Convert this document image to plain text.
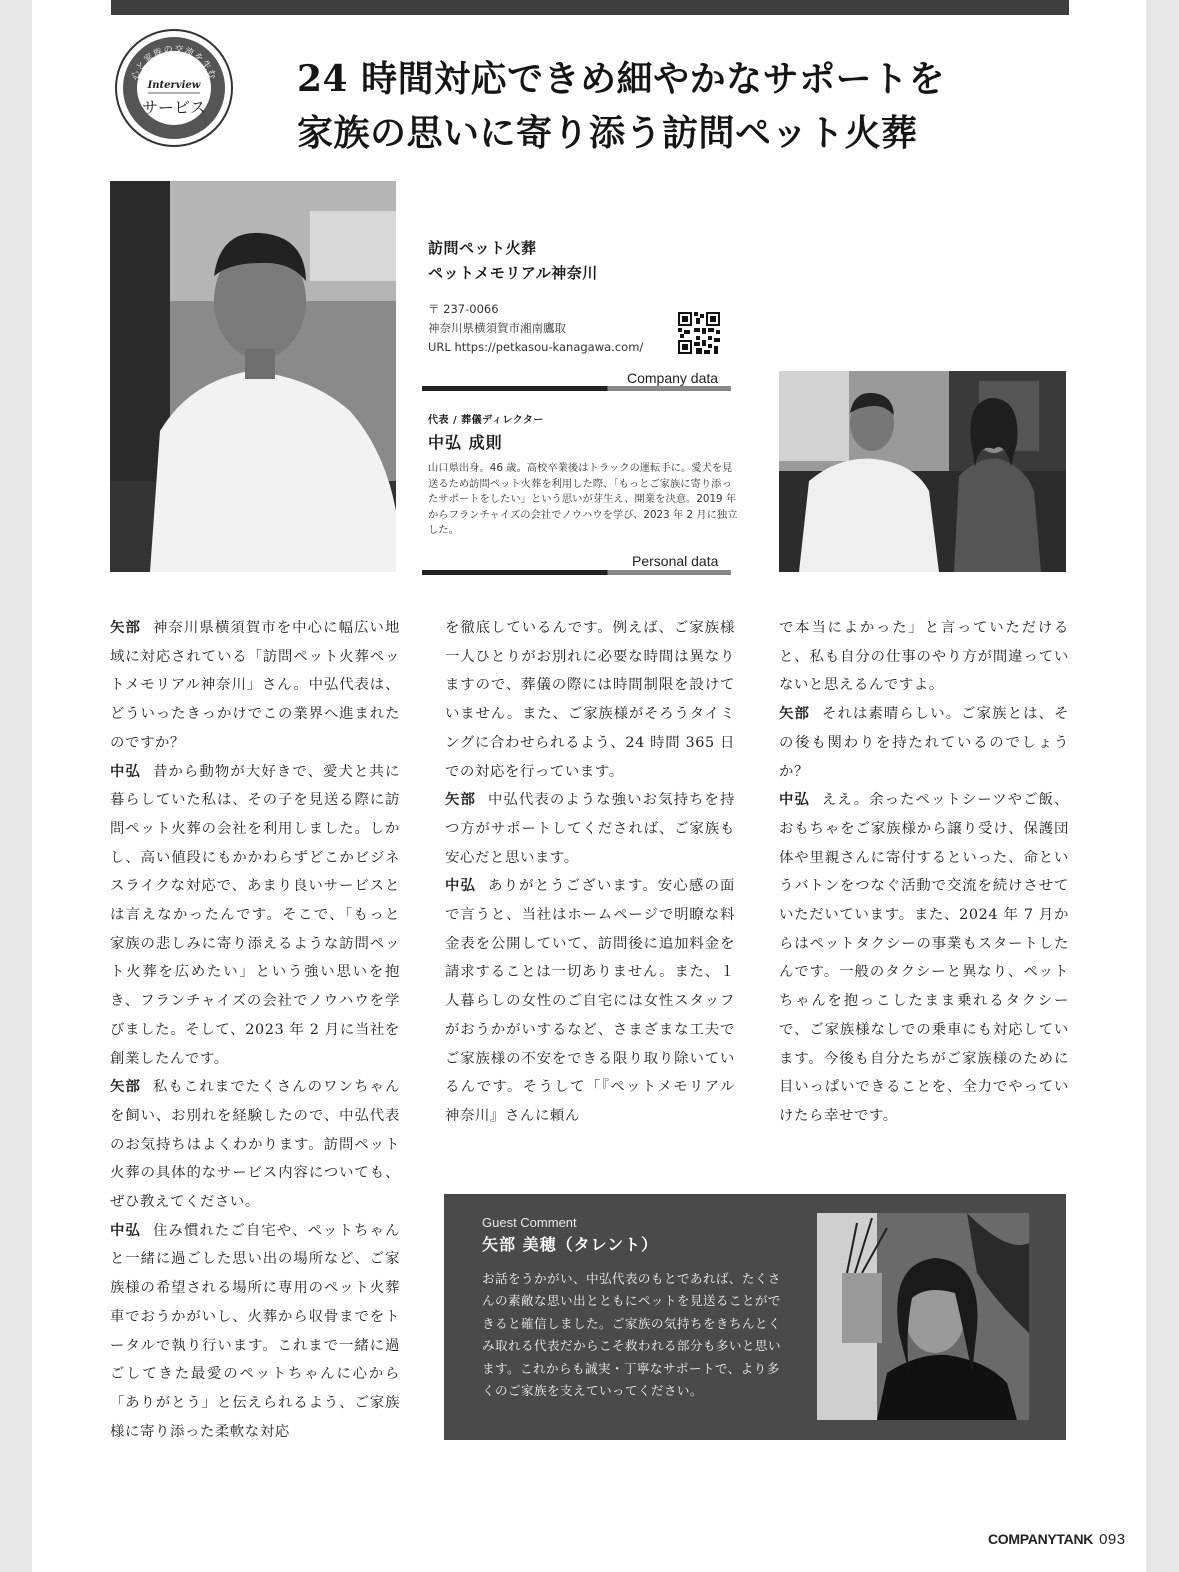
心と家族の交流を生む
Interview
サービス
24 時間対応できめ細やかなサポートを
家族の思いに寄り添う訪問ペット火葬
訪問ペット火葬
ペットメモリアル神奈川
〒 237-0066
神奈川県横須賀市湘南鷹取
URL https://petkasou-kanagawa.com/
Company data
代表 / 葬儀ディレクター
中弘 成則
山口県出身。46 歳。高校卒業後はトラックの運転手に。愛犬を見送るため訪問ペット火葬を利用した際、「もっとご家族に寄り添ったサポートをしたい」という思いが芽生え、開業を決意。2019 年からフランチャイズの会社でノウハウを学び、2023 年 2 月に独立した。
Personal data

矢部 神奈川県横須賀市を中心に幅広い地域に対応されている「訪問ペット火葬ペットメモリアル神奈川」さん。中弘代表は、どういったきっかけでこの業界へ進まれたのですか？

中弘 昔から動物が大好きで、愛犬と共に暮らしていた私は、その子を見送る際に訪問ペット火葬の会社を利用しました。しかし、高い値段にもかかわらずどこかビジネスライクな対応で、あまり良いサービスとは言えなかったんです。そこで、「もっと家族の悲しみに寄り添えるような訪問ペット火葬を広めたい」という強い思いを抱き、フランチャイズの会社でノウハウを学びました。そして、2023 年 2 月に当社を創業したんです。

矢部 私もこれまでたくさんのワンちゃんを飼い、お別れを経験したので、中弘代表のお気持ちはよくわかります。訪問ペット火葬の具体的なサービス内容についても、ぜひ教えてください。

中弘 住み慣れたご自宅や、ペットちゃんと一緒に過ごした思い出の場所など、ご家族様の希望される場所に専用のペット火葬車でおうかがいし、火葬から収骨までをトータルで執り行います。これまで一緒に過ごしてきた最愛のペットちゃんに心から「ありがとう」と伝えられるよう、ご家族様に寄り添った柔軟な対応

を徹底しているんです。例えば、ご家族様一人ひとりがお別れに必要な時間は異なりますので、葬儀の際には時間制限を設けていません。また、ご家族様がそろうタイミングに合わせられるよう、24 時間 365 日での対応を行っています。

矢部 中弘代表のような強いお気持ちを持つ方がサポートしてくだされば、ご家族も安心だと思います。

中弘 ありがとうございます。安心感の面で言うと、当社はホームページで明瞭な料金表を公開していて、訪問後に追加料金を請求することは一切ありません。また、１人暮らしの女性のご自宅には女性スタッフがおうかがいするなど、さまざまな工夫でご家族様の不安をできる限り取り除いているんです。そうして「『ペットメモリアル神奈川』さんに頼ん

で本当によかった」と言っていただけると、私も自分の仕事のやり方が間違っていないと思えるんですよ。

矢部 それは素晴らしい。ご家族とは、その後も関わりを持たれているのでしょうか？

中弘 ええ。余ったペットシーツやご飯、おもちゃをご家族様から譲り受け、保護団体や里親さんに寄付するといった、命というバトンをつなぐ活動で交流を続けさせていただいています。また、2024 年 7 月からはペットタクシーの事業もスタートしたんです。一般のタクシーと異なり、ペットちゃんを抱っこしたまま乗れるタクシーで、ご家族様なしでの乗車にも対応しています。今後も自分たちがご家族様のために目いっぱいできることを、全力でやっていけたら幸せです。

Guest Comment
矢部 美穂（タレント）
お話をうかがい、中弘代表のもとであれば、たくさんの素敵な思い出とともにペットを見送ることができると確信しました。ご家族の気持ちをきちんとくみ取れる代表だからこそ救われる部分も多いと思います。これからも誠実・丁寧なサポートで、より多くのご家族を支えていってください。
COMPANYTANK 093
